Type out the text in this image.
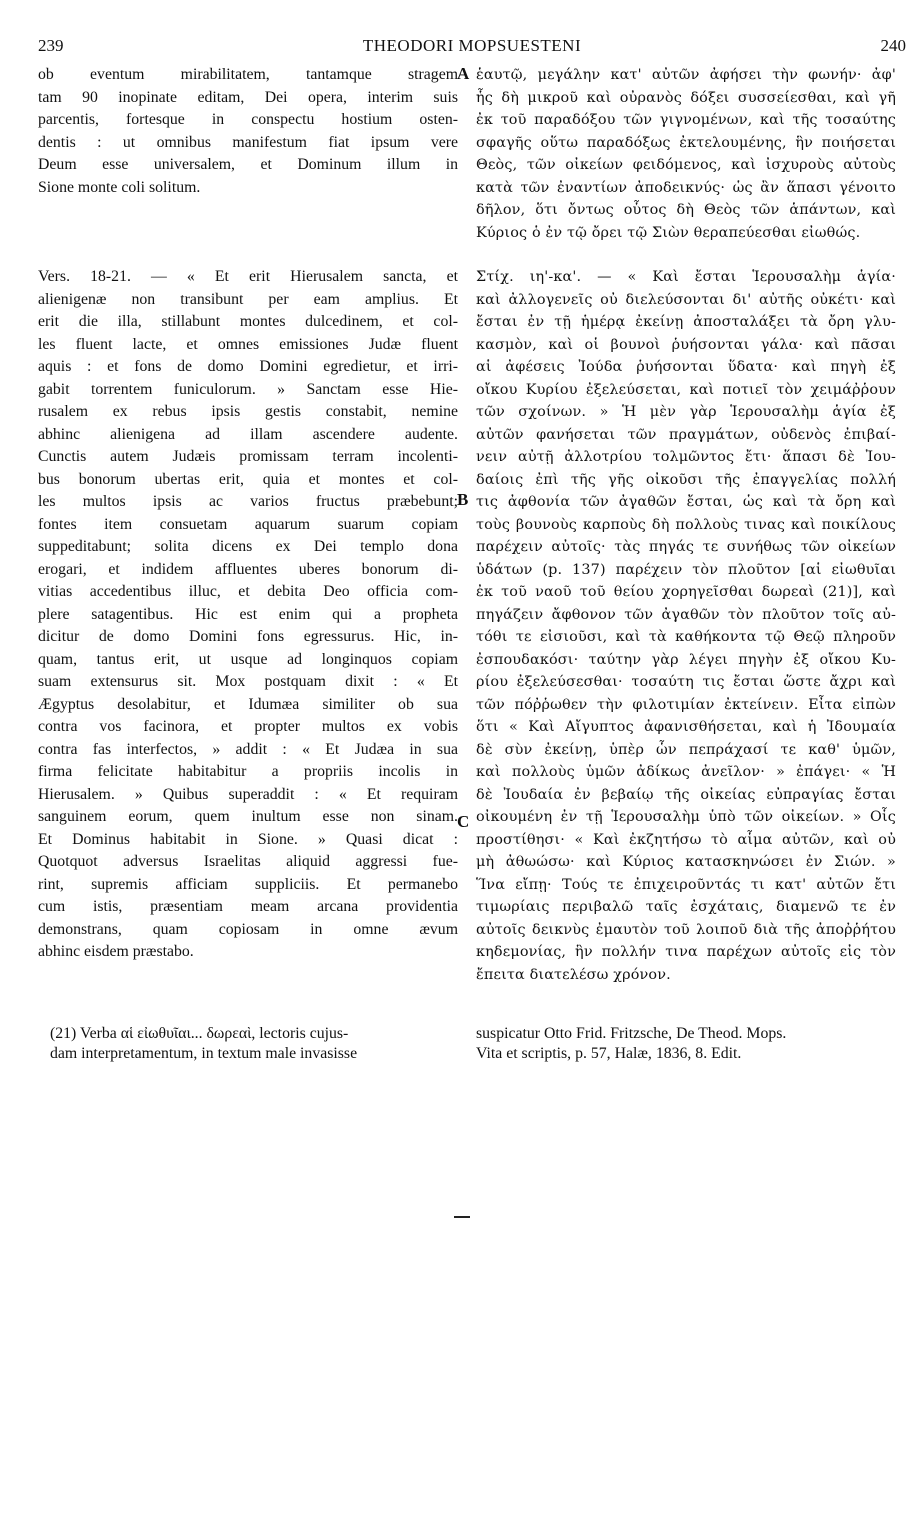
239	THEODORI MOPSUESTENI	240
ob eventum mirabilitatem, tantamque stragem
tam 90 inopinate editam, Dei opera, interim suis
parcentis, fortesque in conspectu hostium osten-
dentis : ut omnibus manifestum fiat ipsum vere
Deum esse universalem, et Dominum illum in
Sione monte coli solitum.
Vers. 18-21. — « Et erit Hierusalem sancta, et
alienigenæ non transibunt per eam amplius. Et
erit die illa, stillabunt montes dulcedinem, et col-
les fluent lacte, et omnes emissiones Judæ fluent
aquis : et fons de domo Domini egredietur, et irri-
gabit torrentem funiculorum. » Sanctam esse Hie-
rusalem ex rebus ipsis gestis constabit, nemine
abhinc alienigena ad illam ascendere audente.
Cunctis autem Judæis promissam terram incolenti-
bus bonorum ubertas erit, quia et montes et col-
les multos ipsis ac varios fructus præbebunt;
fontes item consuetam aquarum suarum copiam
suppeditabunt; solita dicens ex Dei templo dona
erogari, et indidem affluentes uberes bonorum di-
vitias accedentibus illuc, et debita Deo officia com-
plere satagentibus. Hic est enim qui a propheta
dicitur de domo Domini fons egressurus. Hic, in-
quam, tantus erit, ut usque ad longinquos copiam
suam extensurus sit. Mox postquam dixit : « Et
Ægyptus desolabitur, et Idumæa similiter ob sua
contra vos facinora, et propter multos ex vobis
contra fas interfectos, » addit : « Et Judæa in sua
firma felicitate habitabitur a propriis incolis in
Hierusalem. » Quibus superaddit : « Et requiram
sanguinem eorum, quem inultum esse non sinam.
Et Dominus habitabit in Sione. » Quasi dicat :
Quotquot adversus Israelitas aliquid aggressi fue-
rint, supremis afficiam suppliciis. Et permanebo
cum istis, præsentiam meam arcana providentia
demonstrans, quam copiosam in omne ævum
abhinc eisdem præstabo.
ἑαυτῷ, μεγάλην κατ' αὐτῶν ἀφήσει τὴν φωνήν· ἀφ'
ἧς δὴ μικροῦ καὶ οὐρανὸς δόξει συσσείεσθαι, καὶ γῆ
ἐκ τοῦ παραδόξου τῶν γιγνομένων, καὶ τῆς τοσαύτης
σφαγῆς οὕτω παραδόξως ἐκτελουμένης, ἣν ποιήσεται
Θεὸς, τῶν οἰκείων φειδόμενος, καὶ ἰσχυροὺς αὐτοὺς
κατὰ τῶν ἐναντίων ἀποδεικνύς· ὡς ἂν ἅπασι γένοιτο
δῆλον, ὅτι ὄντως οὗτος δὴ Θεὸς τῶν ἁπάντων, καὶ
Κύριος ὁ ἐν τῷ ὄρει τῷ Σιὼν θεραπεύεσθαι εἰωθώς.
Στίχ. ιη'-κα'. — « Καὶ ἔσται Ἱερουσαλὴμ ἁγία·
καὶ ἀλλογενεῖς οὐ διελεύσονται δι' αὐτῆς οὐκέτι· καὶ
ἔσται ἐν τῇ ἡμέρᾳ ἐκείνῃ ἀποσταλάξει τὰ ὄρη γλυ-
κασμὸν, καὶ οἱ βουνοὶ ῥυήσονται γάλα· καὶ πᾶσαι
αἱ ἀφέσεις Ἰούδα ῥυήσονται ὕδατα· καὶ πηγὴ ἐξ
οἴκου Κυρίου ἐξελεύσεται, καὶ ποτιεῖ τὸν χειμάῤῥουν
τῶν σχοίνων. » Ἡ μὲν γὰρ Ἱερουσαλὴμ ἁγία ἐξ
αὐτῶν φανήσεται τῶν πραγμάτων, οὐδενὸς ἐπιβαί-
νειν αὐτῇ ἀλλοτρίου τολμῶντος ἔτι· ἅπασι δὲ Ἰου-
δαίοις ἐπὶ τῆς γῆς οἰκοῦσι τῆς ἐπαγγελίας πολλή
τις ἀφθονία τῶν ἀγαθῶν ἔσται, ὡς καὶ τὰ ὄρη καὶ
τοὺς βουνοὺς καρποὺς δὴ πολλοὺς τινας καὶ ποικίλους
παρέχειν αὐτοῖς· τὰς πηγάς τε συνήθως τῶν οἰκείων
ὑδάτων (p. 137) παρέχειν τὸν πλοῦτον [αἱ εἰωθυῖαι
ἐκ τοῦ ναοῦ τοῦ θείου χορηγεῖσθαι δωρεαὶ (21)], καὶ
πηγάζειν ἄφθονον τῶν ἀγαθῶν τὸν πλοῦτον τοῖς αὐ-
τόθι τε εἰσιοῦσι, καὶ τὰ καθήκοντα τῷ Θεῷ πληροῦν
ἐσπουδακόσι· ταύτην γὰρ λέγει πηγὴν ἐξ οἴκου Κυ-
ρίου ἐξελεύσεσθαι· τοσαύτη τις ἔσται ὥστε ἄχρι καὶ
τῶν πόῤῥωθεν τὴν φιλοτιμίαν ἐκτείνειν. Εἶτα εἰπὼν
ὅτι « Καὶ Αἴγυπτος ἀφανισθήσεται, καὶ ἡ Ἰδουμαία
δὲ σὺν ἐκείνῃ, ὑπὲρ ὧν πεπράχασί τε καθ' ὑμῶν,
καὶ πολλοὺς ὑμῶν ἀδίκως ἀνεῖλον· » ἐπάγει· « Ἡ
δὲ Ἰουδαία ἐν βεβαίῳ τῆς οἰκείας εὐπραγίας ἔσται
οἰκουμένη ἐν τῇ Ἱερουσαλὴμ ὑπὸ τῶν οἰκείων. » Οἷς
προστίθησι· « Καὶ ἐκζητήσω τὸ αἷμα αὐτῶν, καὶ οὐ
μὴ ἀθωώσω· καὶ Κύριος κατασκηνώσει ἐν Σιών. »
Ἵνα εἴπῃ· Τούς τε ἐπιχειροῦντάς τι κατ' αὐτῶν ἔτι
τιμωρίαις περιβαλῶ ταῖς ἐσχάταις, διαμενῶ τε ἐν
αὐτοῖς δεικνὺς ἐμαυτὸν τοῦ λοιποῦ διὰ τῆς ἀποῤῥήτου
κηδεμονίας, ἣν πολλήν τινα παρέχων αὐτοῖς εἰς τὸν
ἔπειτα διατελέσω χρόνον.
A
B
C
(21) Verba αἱ εἰωθυῖαι... δωρεαὶ, lectoris cujus-
dam interpretamentum, in textum male invasisse
suspicatur Otto Frid. Fritzsche, De Theod. Mops.
Vita et scriptis, p. 57, Halæ, 1836, 8. Edit.
